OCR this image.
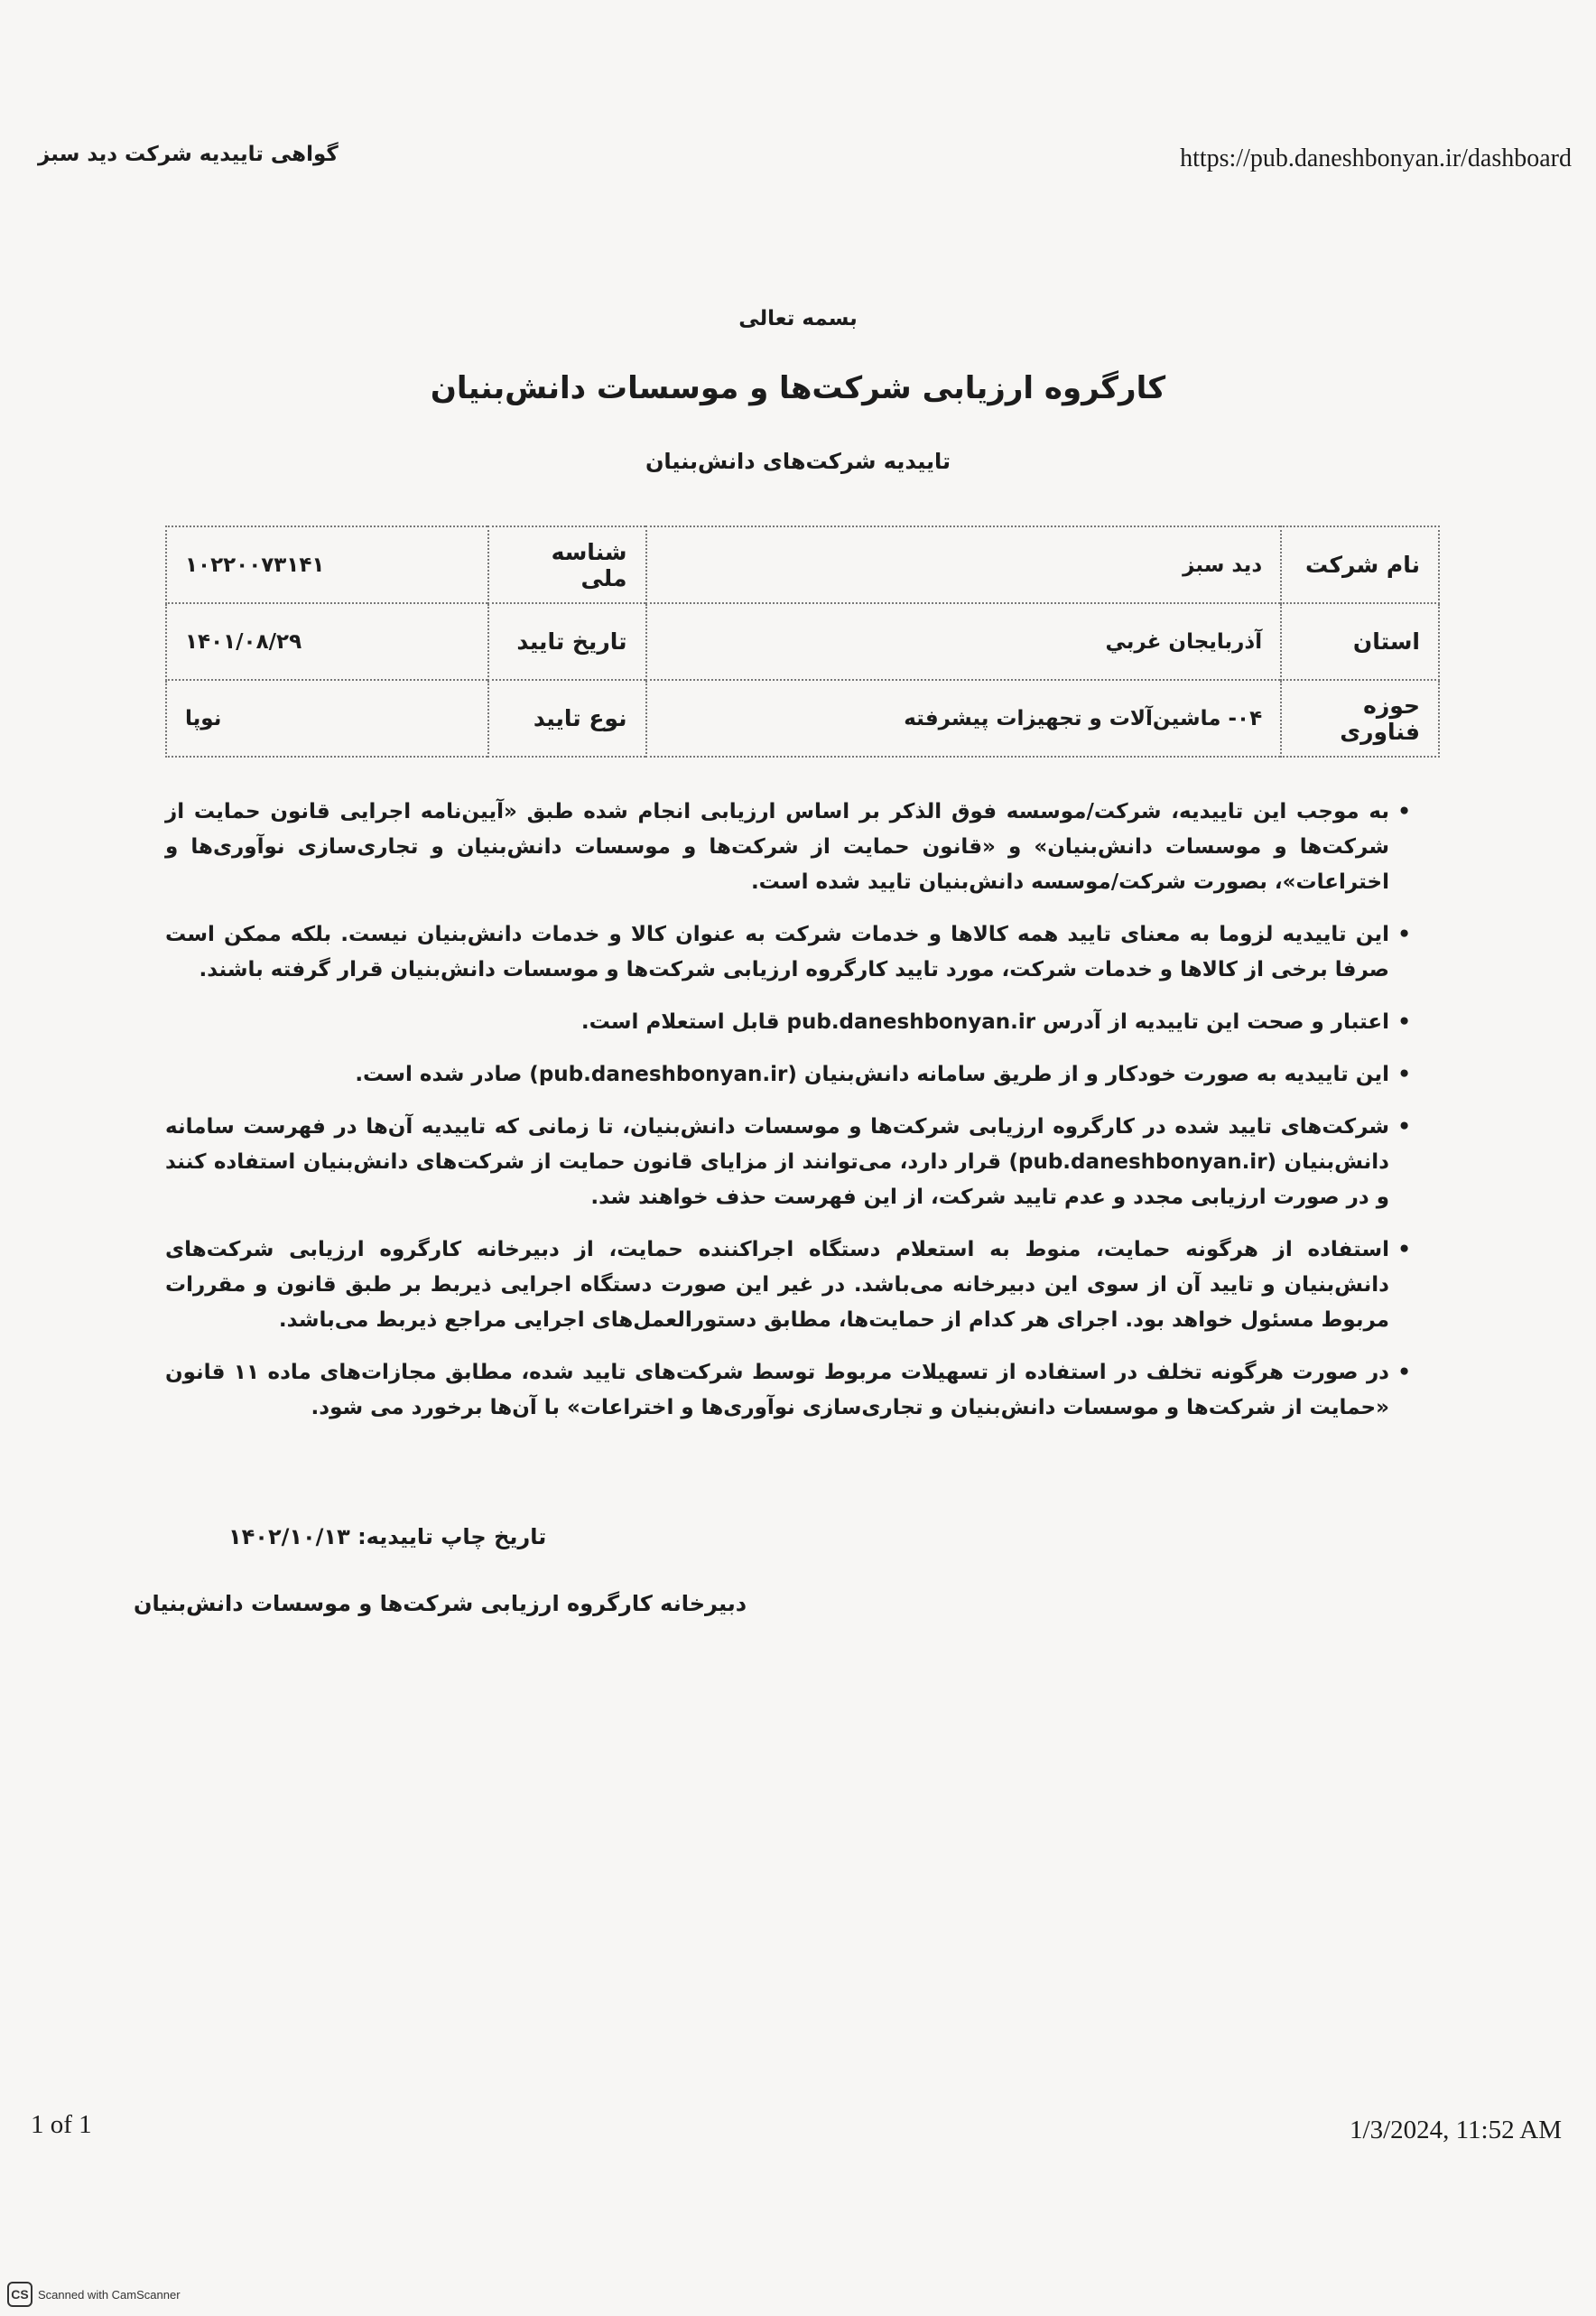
گواهی تاییدیه شرکت دید سبز	https://pub.daneshbonyan.ir/dashboard
بسمه تعالی
کارگروه ارزیابی شرکت‌ها و موسسات دانش‌بنیان
تاییدیه شرکت‌های دانش‌بنیان
نام شرکت	دید سبز	شناسه ملی	۱۰۲۲۰۰۷۳۱۴۱
استان	آذربایجان غربي	تاریخ تایید	۱۴۰۱/۰۸/۲۹
حوزه فناوری	۰۴- ماشین‌آلات و تجهیزات پیشرفته	نوع تایید	نوپا
• به موجب این تاییدیه، شرکت/موسسه فوق الذکر بر اساس ارزیابی انجام شده طبق «آیین‌نامه اجرایی قانون حمایت از شرکت‌ها و موسسات دانش‌بنیان» و «قانون حمایت از شرکت‌ها و موسسات دانش‌بنیان و تجاری‌سازی نوآوری‌ها و اختراعات»، بصورت شرکت/موسسه دانش‌بنیان تایید شده است.
• این تاییدیه لزوما به معنای تایید همه کالاها و خدمات شرکت به عنوان کالا و خدمات دانش‌بنیان نیست. بلکه ممکن است صرفا برخی از کالاها و خدمات شرکت، مورد تایید کارگروه ارزیابی شرکت‌ها و موسسات دانش‌بنیان قرار گرفته باشند.
• اعتبار و صحت این تاییدیه از آدرس pub.daneshbonyan.ir قابل استعلام است.
• این تاییدیه به صورت خودکار و از طریق سامانه دانش‌بنیان (pub.daneshbonyan.ir) صادر شده است.
• شرکت‌های تایید شده در کارگروه ارزیابی شرکت‌ها و موسسات دانش‌بنیان، تا زمانی که تاییدیه آن‌ها در فهرست سامانه دانش‌بنیان (pub.daneshbonyan.ir) قرار دارد، می‌توانند از مزایای قانون حمایت از شرکت‌های دانش‌بنیان استفاده کنند و در صورت ارزیابی مجدد و عدم تایید شرکت، از این فهرست حذف خواهند شد.
• استفاده از هرگونه حمایت، منوط به استعلام دستگاه اجراکننده حمایت، از دبیرخانه کارگروه ارزیابی شرکت‌های دانش‌بنیان و تایید آن از سوی این دبیرخانه می‌باشد. در غیر این صورت دستگاه اجرایی ذیربط بر طبق قانون و مقررات مربوط مسئول خواهد بود. اجرای هر کدام از حمایت‌ها، مطابق دستورالعمل‌های اجرایی مراجع ذیربط می‌باشد.
• در صورت هرگونه تخلف در استفاده از تسهیلات مربوط توسط شرکت‌های تایید شده، مطابق مجازات‌های ماده ۱۱ قانون «حمایت از شرکت‌ها و موسسات دانش‌بنیان و تجاری‌سازی نوآوری‌ها و اختراعات» با آن‌ها برخورد می شود.
تاریخ چاپ تاییدیه: ۱۴۰۲/۱۰/۱۳
دبیرخانه کارگروه ارزیابی شرکت‌ها و موسسات دانش‌بنیان
1 of 1	1/3/2024, 11:52 AM
CS Scanned with CamScanner
